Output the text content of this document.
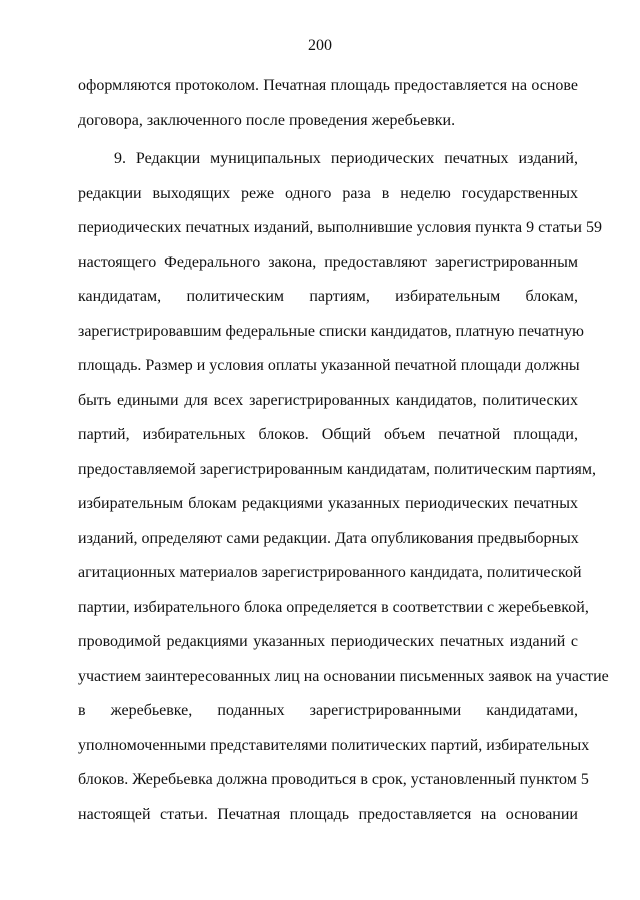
200

оформляются протоколом. Печатная площадь предоставляется на основе
договора, заключенного после проведения жеребьевки.

9. Редакции муниципальных периодических печатных изданий,
редакции выходящих реже одного раза в неделю государственных
периодических печатных изданий, выполнившие условия пункта 9 статьи 59
настоящего Федерального закона, предоставляют зарегистрированным
кандидатам, политическим партиям, избирательным блокам,
зарегистрировавшим федеральные списки кандидатов, платную печатную
площадь. Размер и условия оплаты указанной печатной площади должны
быть едиными для всех зарегистрированных кандидатов, политических
партий, избирательных блоков. Общий объем печатной площади,
предоставляемой зарегистрированным кандидатам, политическим партиям,
избирательным блокам редакциями указанных периодических печатных
изданий, определяют сами редакции. Дата опубликования предвыборных
агитационных материалов зарегистрированного кандидата, политической
партии, избирательного блока определяется в соответствии с жеребьевкой,
проводимой редакциями указанных периодических печатных изданий с
участием заинтересованных лиц на основании письменных заявок на участие
в жеребьевке, поданных зарегистрированными кандидатами,
уполномоченными представителями политических партий, избирательных
блоков. Жеребьевка должна проводиться в срок, установленный пунктом 5
настоящей статьи. Печатная площадь предоставляется на основании
